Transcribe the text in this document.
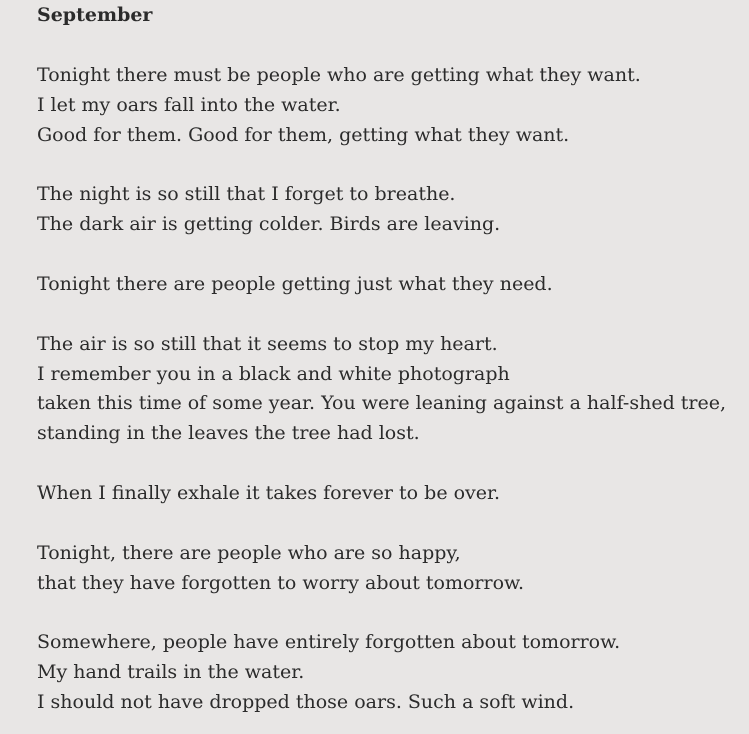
September
Tonight there must be people who are getting what they want.
I let my oars fall into the water.
Good for them. Good for them, getting what they want.
The night is so still that I forget to breathe.
The dark air is getting colder. Birds are leaving.
Tonight there are people getting just what they need.
The air is so still that it seems to stop my heart.
I remember you in a black and white photograph
taken this time of some year. You were leaning against a half-shed tree,
standing in the leaves the tree had lost.
When I finally exhale it takes forever to be over.
Tonight, there are people who are so happy,
that they have forgotten to worry about tomorrow.
Somewhere, people have entirely forgotten about tomorrow.
My hand trails in the water.
I should not have dropped those oars. Such a soft wind.
